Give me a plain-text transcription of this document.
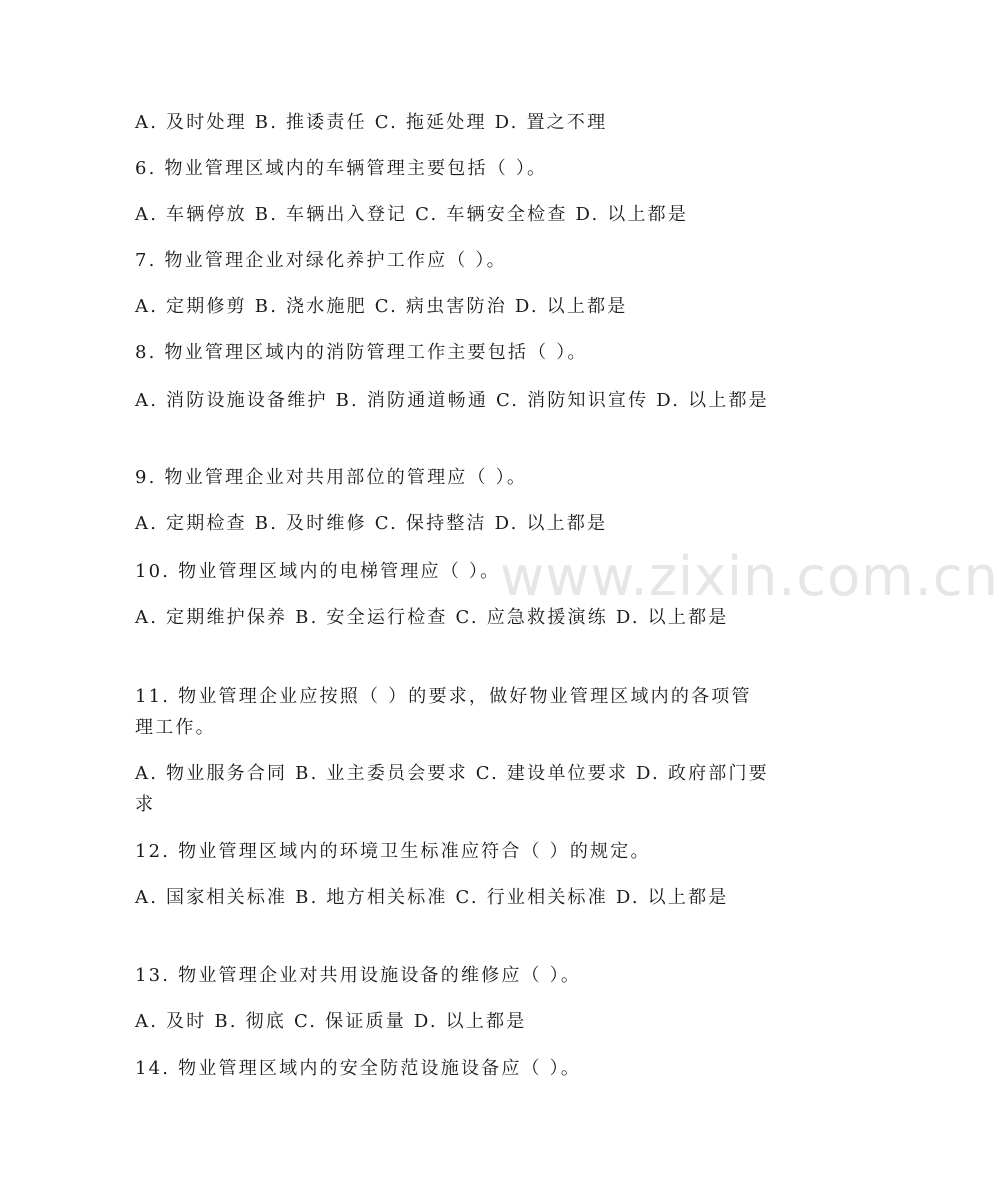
www.zixin.com.cn
A. 及时处理 B. 推诿责任 C. 拖延处理 D. 置之不理
6. 物业管理区域内的车辆管理主要包括（ ）。
A. 车辆停放 B. 车辆出入登记 C. 车辆安全检查 D. 以上都是
7. 物业管理企业对绿化养护工作应（ ）。
A. 定期修剪 B. 浇水施肥 C. 病虫害防治 D. 以上都是
8. 物业管理区域内的消防管理工作主要包括（ ）。
A. 消防设施设备维护 B. 消防通道畅通 C. 消防知识宣传 D. 以上都是
9. 物业管理企业对共用部位的管理应（ ）。
A. 定期检查 B. 及时维修 C. 保持整洁 D. 以上都是
10. 物业管理区域内的电梯管理应（ ）。
A. 定期维护保养 B. 安全运行检查 C. 应急救援演练 D. 以上都是
11. 物业管理企业应按照（ ）的要求，做好物业管理区域内的各项管理工作。
A. 物业服务合同 B. 业主委员会要求 C. 建设单位要求 D. 政府部门要求
12. 物业管理区域内的环境卫生标准应符合（ ）的规定。
A. 国家相关标准 B. 地方相关标准 C. 行业相关标准 D. 以上都是
13. 物业管理企业对共用设施设备的维修应（ ）。
A. 及时 B. 彻底 C. 保证质量 D. 以上都是
14. 物业管理区域内的安全防范设施设备应（ ）。
